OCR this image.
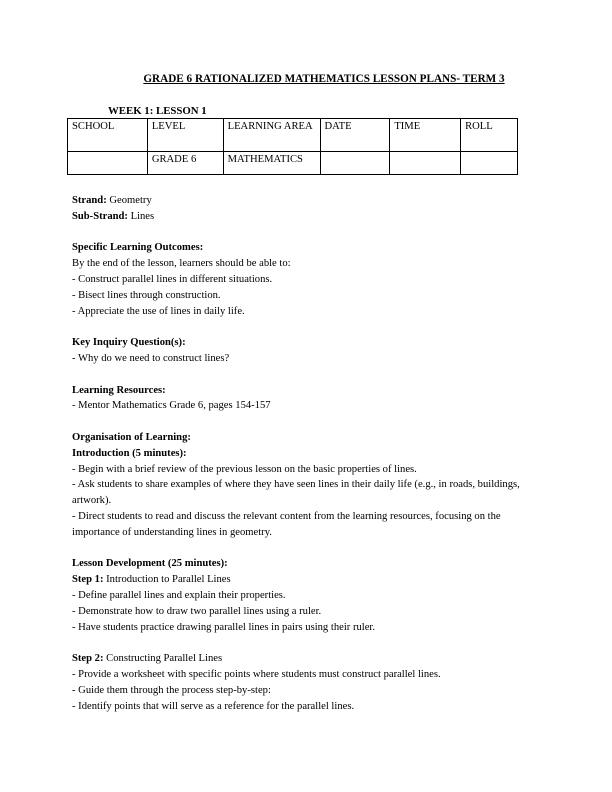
GRADE 6 RATIONALIZED MATHEMATICS LESSON PLANS- TERM 3
WEEK 1: LESSON 1
SCHOOL	LEVEL	LEARNING AREA	DATE	TIME	ROLL
	GRADE 6	MATHEMATICS			

Strand: Geometry

Sub-Strand: Lines

Specific Learning Outcomes:

By the end of the lesson, learners should be able to:

- Construct parallel lines in different situations.

- Bisect lines through construction.

- Appreciate the use of lines in daily life.

Key Inquiry Question(s):

- Why do we need to construct lines?

Learning Resources:

- Mentor Mathematics Grade 6, pages 154-157

Organisation of Learning:

Introduction (5 minutes):

- Begin with a brief review of the previous lesson on the basic properties of lines.

- Ask students to share examples of where they have seen lines in their daily life (e.g., in roads, buildings, artwork).

- Direct students to read and discuss the relevant content from the learning resources, focusing on the importance of understanding lines in geometry.

Lesson Development (25 minutes):

Step 1: Introduction to Parallel Lines

- Define parallel lines and explain their properties.

- Demonstrate how to draw two parallel lines using a ruler.

- Have students practice drawing parallel lines in pairs using their ruler.

Step 2: Constructing Parallel Lines

- Provide a worksheet with specific points where students must construct parallel lines.

- Guide them through the process step-by-step:

- Identify points that will serve as a reference for the parallel lines.
